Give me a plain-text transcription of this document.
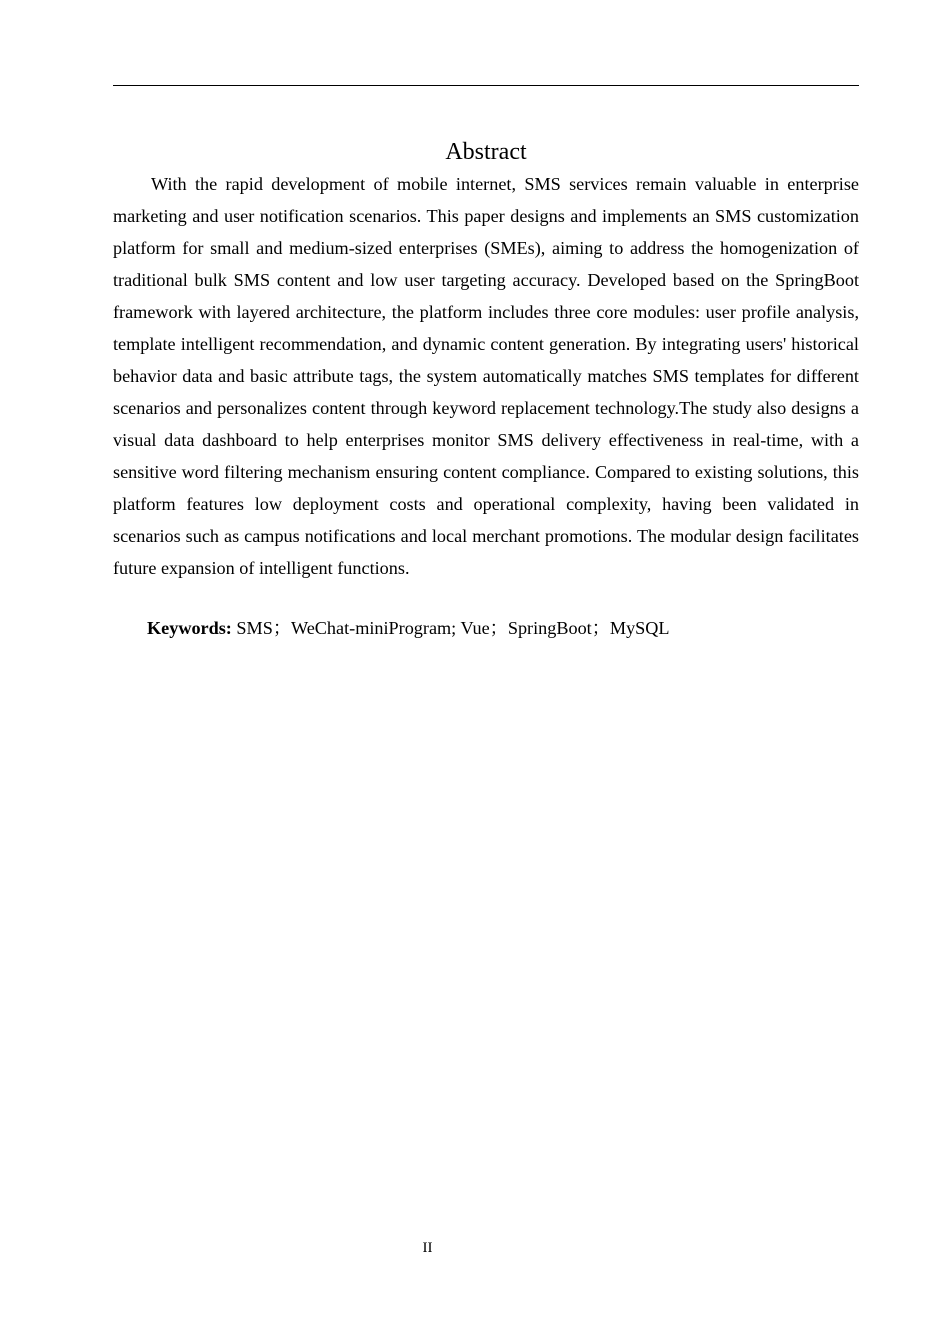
Abstract

With the rapid development of mobile internet, SMS services remain valuable in enterprise marketing and user notification scenarios. This paper designs and implements an SMS customization platform for small and medium-sized enterprises (SMEs), aiming to address the homogenization of traditional bulk SMS content and low user targeting accuracy. Developed based on the SpringBoot framework with layered architecture, the platform includes three core modules: user profile analysis, template intelligent recommendation, and dynamic content generation. By integrating users' historical behavior data and basic attribute tags, the system automatically matches SMS templates for different scenarios and personalizes content through keyword replacement technology.The study also designs a visual data dashboard to help enterprises monitor SMS delivery effectiveness in real-time, with a sensitive word filtering mechanism ensuring content compliance. Compared to existing solutions, this platform features low deployment costs and operational complexity, having been validated in scenarios such as campus notifications and local merchant promotions. The modular design facilitates future expansion of intelligent functions.

Keywords: SMS；WeChat-miniProgram; Vue；SpringBoot；MySQL

II
